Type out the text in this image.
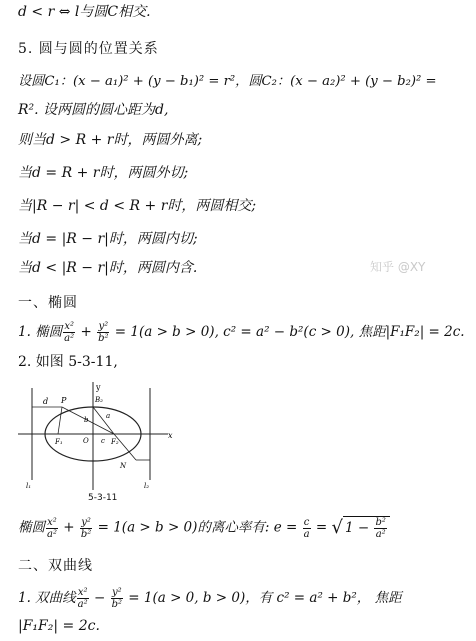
d < r ⇔ l与圆C相交.
5. 圆与圆的位置关系
设圆C₁：(x − a₁)² + (y − b₁)² = r²，圆C₂：(x − a₂)² + (y − b₂)² =
R². 设两圆的圆心距为d,
则当d > R + r时，两圆外离;
当d = R + r时，两圆外切;
当|R − r| < d < R + r时，两圆相交;
当d = |R − r|时，两圆内切;
当d < |R − r|时，两圆内含.	知乎 @XY
一、椭圆
1. 椭圆 $\frac{\text{x²}}{\text{a²}} + \frac{\text{y²}}{\text{b²}} = 1(a > b > 0)$, c² = a² − b²(c > 0), 焦距|F₁F₂| = 2c.
2. 如图 5-3-11,
y
x
d P	B₂
b	a
F₁	O c F₂
N
l₁	l₂
5-3-11
椭圆 $\frac{\text{x²}}{\text{a²}} + \frac{\text{y²}}{\text{b²}} = 1(a > b > 0)$的离心率有: $e = \frac{c}{a}$ = √ $1 - \frac{\text{b²}}{\text{a²}}$
二、双曲线
1. 双曲线 $\frac{\text{x²}}{\text{a²}} - \frac{\text{y²}}{\text{b²}} = 1(a > 0$, b > 0)，有 c² = a² + b²， 焦距
|F₁F₂| = 2c.
